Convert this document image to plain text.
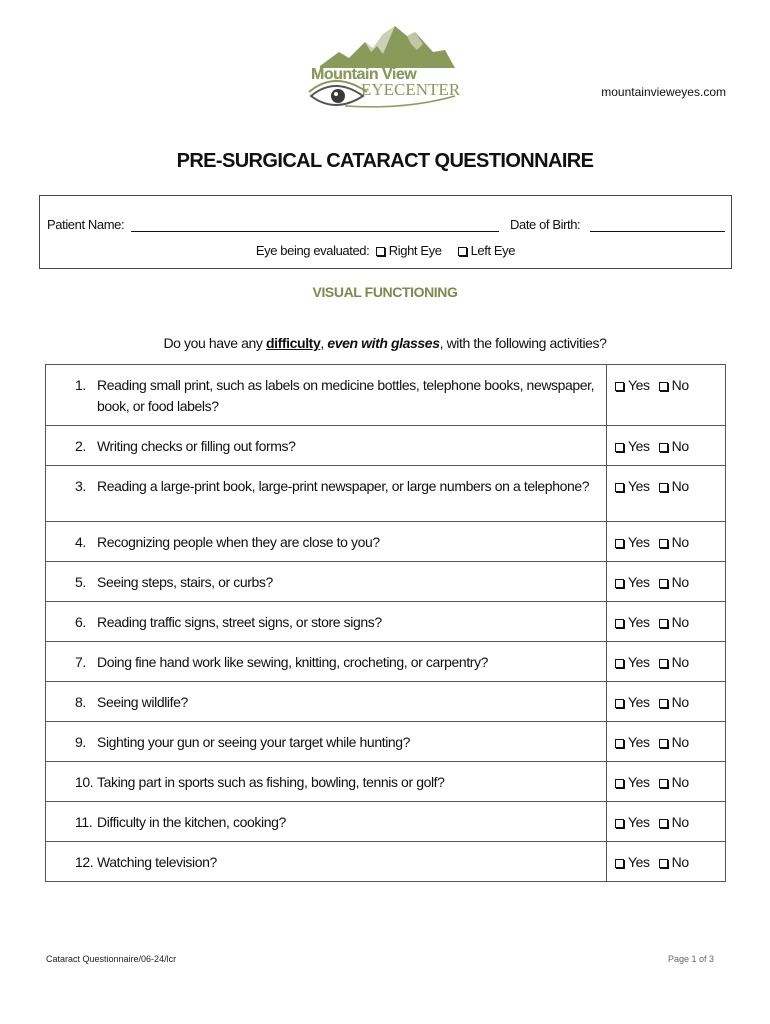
Mountain View
EYECENTER	mountainvieweyes.com
PRE-SURGICAL CATARACT QUESTIONNAIRE
Patient Name:	Date of Birth:
Eye being evaluated: Right Eye Left Eye
VISUAL FUNCTIONING
Do you have any difficulty, even with glasses, with the following activities?
1. Reading small print, such as labels on medicine bottles, telephone books, newspaper, book, or food labels?	Yes No

2. Writing checks or filling out forms?	Yes No

3. Reading a large-print book, large-print newspaper, or large numbers on a telephone?	Yes No

4. Recognizing people when they are close to you?	Yes No

5. Seeing steps, stairs, or curbs?	Yes No

6. Reading traffic signs, street signs, or store signs?	Yes No

7. Doing fine hand work like sewing, knitting, crocheting, or carpentry?	Yes No

8. Seeing wildlife?	Yes No

9. Sighting your gun or seeing your target while hunting?	Yes No

10. Taking part in sports such as fishing, bowling, tennis or golf?	Yes No

11. Difficulty in the kitchen, cooking?	Yes No

12. Watching television?	Yes No
Cataract Questionnaire/06-24/lcr	Page 1 of 3
